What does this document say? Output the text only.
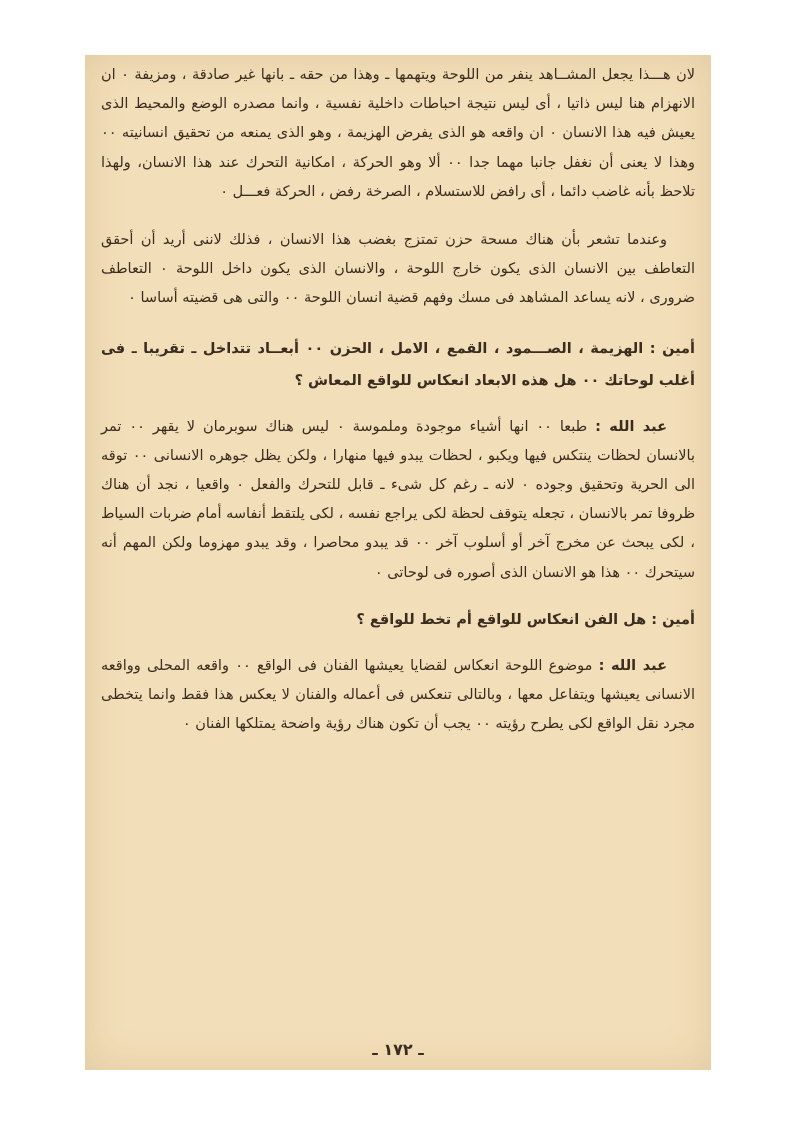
لان هـــذا يجعل المشــاهد ينفر من اللوحة ويتهمها ـ وهذا من حقه ـ بانها غير صادقة ، ومزيفة ٠ ان الانهزام هنا ليس ذاتيا ، أى ليس نتيجة احباطات داخلية نفسية ، وانما مصدره الوضع والمحيط الذى يعيش فيه هذا الانسان ٠ ان واقعه هو الذى يفرض الهزيمة ، وهو الذى يمنعه من تحقيق انسانيته ٠٠ وهذا لا يعنى أن نغفل جانبا مهما جدا ٠٠ ألا وهو الحركة ، امكانية التحرك عند هذا الانسان، ولهذا تلاحظ بأنه غاضب دائما ، أى رافض للاستسلام ، الصرخة رفض ، الحركة فعـــل ٠

وعندما تشعر بأن هناك مسحة حزن تمتزج بغضب هذا الانسان ، فذلك لاننى أريد أن أحقق التعاطف بين الانسان الذى يكون خارج اللوحة ، والانسان الذى يكون داخل اللوحة ٠ التعاطف ضرورى ، لانه يساعد المشاهد فى مسك وفهم قضية انسان اللوحة ٠٠ والتى هى قضيته أساسا ٠

أمين : الهزيمة ، الصـــمود ، القمع ، الامل ، الحزن ٠٠ أبعــاد تتداخل ـ تقريبا ـ فى أغلب لوحاتك ٠٠ هل هذه الابعاد انعكاس للواقع المعاش ؟

عبد الله : طبعا ٠٠ انها أشياء موجودة وملموسة ٠ ليس هناك سوبرمان لا يقهر ٠٠ تمر بالانسان لحظات ينتكس فيها ويكبو ، لحظات يبدو فيها منهارا ، ولكن يظل جوهره الانسانى ٠٠ توقه الى الحرية وتحقيق وجوده ٠ لانه ـ رغم كل شىء ـ قابل للتحرك والفعل ٠ واقعيا ، نجد أن هناك ظروفا تمر بالانسان ، تجعله يتوقف لحظة لكى يراجع نفسه ، لكى يلتقط أنفاسه أمام ضربات السياط ، لكى يبحث عن مخرج آخر أو أسلوب آخر ٠٠ قد يبدو محاصرا ، وقد يبدو مهزوما ولكن المهم أنه سيتحرك ٠٠ هذا هو الانسان الذى أصوره فى لوحاتى ٠

أمين : هل الفن انعكاس للواقع أم تخط للواقع ؟

عبد الله : موضوع اللوحة انعكاس لقضايا يعيشها الفنان فى الواقع ٠٠ واقعه المحلى وواقعه الانسانى يعيشها ويتفاعل معها ، وبالتالى تنعكس فى أعماله والفنان لا يعكس هذا فقط وانما يتخطى مجرد نقل الواقع لكى يطرح رؤيته ٠٠ يجب أن تكون هناك رؤية واضحة يمتلكها الفنان ٠

ـ ١٧٢ ـ
